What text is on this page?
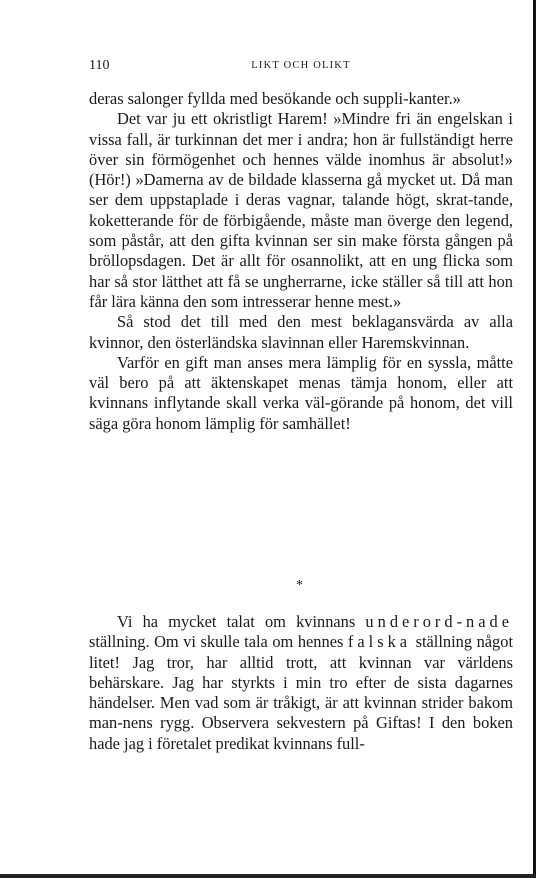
110	LIKT OCH OLIKT

deras salonger fyllda med besökande och suppli-kanter.»

Det var ju ett okristligt Harem! »Mindre fri än engelskan i vissa fall, är turkinnan det mer i andra; hon är fullständigt herre över sin förmögenhet och hennes välde inomhus är absolut!» (Hör!) »Damerna av de bildade klasserna gå mycket ut. Då man ser dem uppstaplade i deras vagnar, talande högt, skrat-tande, koketterande för de förbigående, måste man överge den legend, som påstår, att den gifta kvinnan ser sin make första gången på bröllopsdagen. Det är allt för osannolikt, att en ung flicka som har så stor lätthet att få se ungherrarne, icke ställer så till att hon får lära känna den som intresserar henne mest.»

Så stod det till med den mest beklagansvärda av alla kvinnor, den österländska slavinnan eller Haremskvinnan.

Varför en gift man anses mera lämplig för en syssla, måtte väl bero på att äktenskapet menas tämja honom, eller att kvinnans inflytande skall verka väl-görande på honom, det vill säga göra honom lämplig för samhället!

*

Vi ha mycket talat om kvinnans underord-nade ställning. Om vi skulle tala om hennes falska ställning något litet! Jag tror, har alltid trott, att kvinnan var världens behärskare. Jag har styrkts i min tro efter de sista dagarnes händelser. Men vad som är tråkigt, är att kvinnan strider bakom man-nens rygg. Observera sekvestern på Giftas! I den boken hade jag i företalet predikat kvinnans full-
